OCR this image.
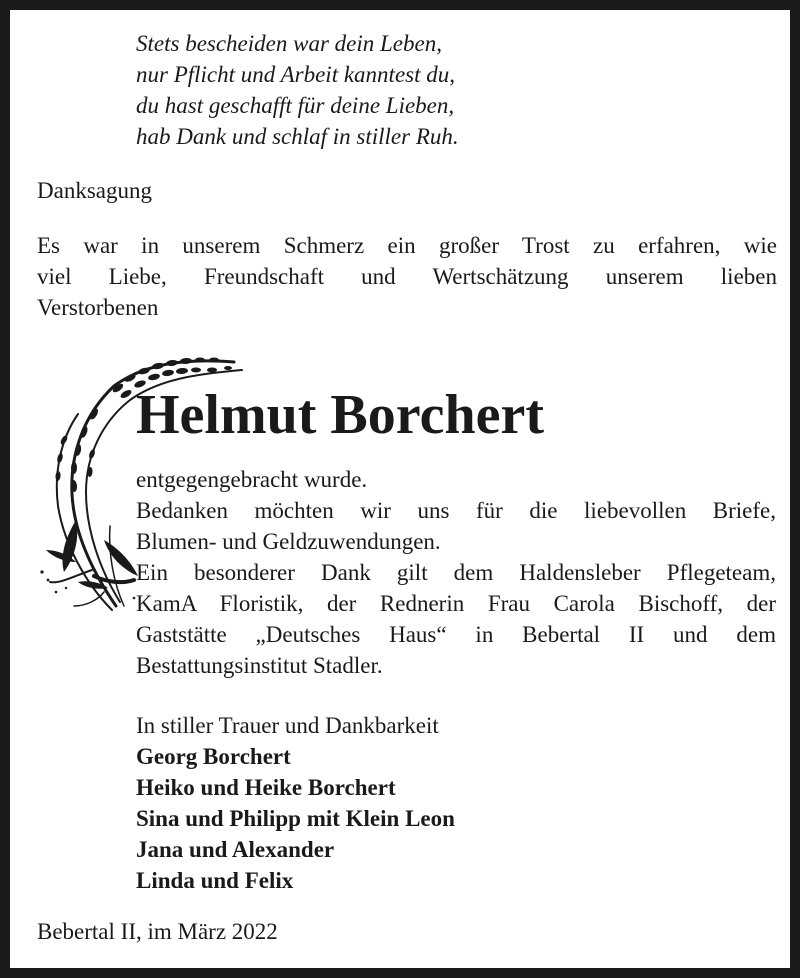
Stets bescheiden war dein Leben,
nur Pflicht und Arbeit kanntest du,
du hast geschafft für deine Lieben,
hab Dank und schlaf in stiller Ruh.
Danksagung
Es war in unserem Schmerz ein großer Trost zu erfahren, wie
viel Liebe, Freundschaft und Wertschätzung unserem lieben
Verstorbenen
Helmut Borchert
entgegengebracht wurde.
Bedanken möchten wir uns für die liebevollen Briefe,
Blumen- und Geldzuwendungen.
Ein besonderer Dank gilt dem Haldensleber Pflegeteam,
KamA Floristik, der Rednerin Frau Carola Bischoff, der
Gaststätte „Deutsches Haus“ in Bebertal II und dem
Bestattungsinstitut Stadler.
In stiller Trauer und Dankbarkeit
Georg Borchert
Heiko und Heike Borchert
Sina und Philipp mit Klein Leon
Jana und Alexander
Linda und Felix
Bebertal II, im März 2022
